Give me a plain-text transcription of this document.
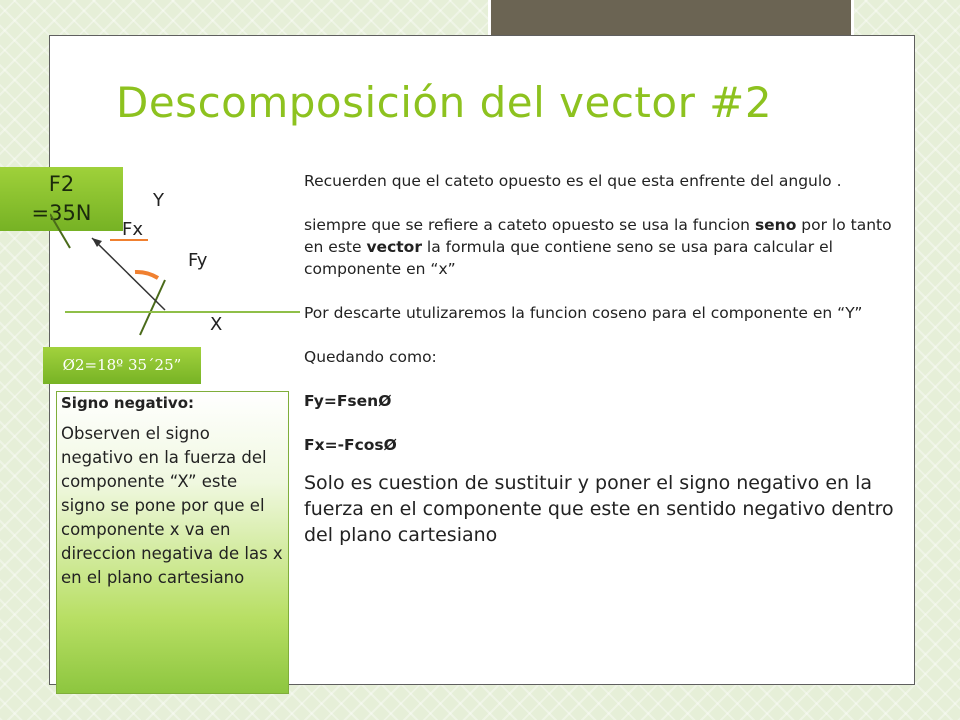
Descomposición del vector #2
F2
=35N
Y
Fx
Fy
X
Ø2=18º 35´25”

Signo negativo:

Observen el signo negativo en la fuerza del componente “X” este signo se pone por que el componente x va en direccion negativa de las x en el plano cartesiano

Recuerden que el cateto opuesto es el que esta enfrente del angulo .

siempre que se refiere a cateto opuesto se usa la funcion seno por lo tanto en este vector la formula que contiene seno se usa para calcular el componente en “x”

Por descarte utulizaremos la funcion coseno para el componente en “Y”

Quedando como:

Fy=FsenØ

Fx=-FcosØ

Solo es cuestion de sustituir y poner el signo negativo en la fuerza en el componente que este en sentido negativo dentro del plano cartesiano
